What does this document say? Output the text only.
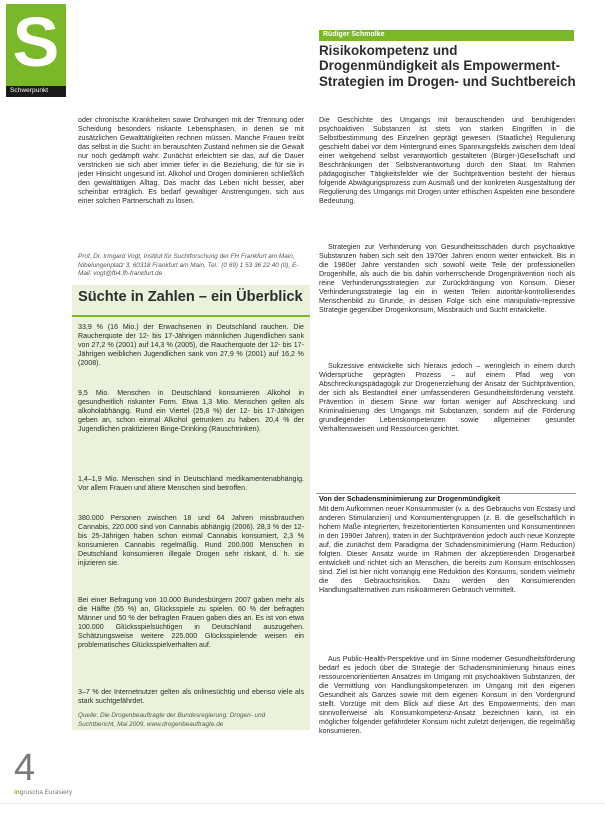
S
Schwerpunkt
Rüdiger Schmolke
Risikokompetenz und Drogenmündigkeit als Empowerment-Strategien im Drogen- und Suchtbereich

oder chronische Krankheiten sowie Drohungen mit der Trennung oder Scheidung besonders riskante Lebensphasen, in denen sie mit zusätzlichen Gewalttätigkeiten rechnen müssen. Manche Frauen treibt das selbst in die Sucht: im berauschten Zustand nehmen sie die Gewalt nur noch gedämpft wahr. Zunächst erleichtert sie das, auf die Dauer verstricken sie sich aber immer tiefer in die Beziehung, die für sie in jeder Hinsicht ungesund ist. Alkohol und Drogen dominieren schließlich den gewalttätigen Alltag. Das macht das Leben nicht besser, aber scheinbar erträglich. Es bedarf gewaltiger Anstrengungen, sich aus einer solchen Partnerschaft zu lösen.

Prof. Dr. Irmgard Vogt, Institut für Suchtforschung der FH Frankfurt am Main, Nibelungenplatz 3, 60318 Frankfurt am Main, Tel.: (0 69) 1 53 36 22 40 (0), E-Mail: vogt@fb4.fh-frankfurt.de

Süchte in Zahlen – ein Überblick

33,9 % (16 Mio.) der Erwachsenen in Deutschland rauchen. Die Raucherquote der 12- bis 17-Jährigen männlichen Jugendlichen sank von 27,2 % (2001) auf 14,3 % (2005), die Raucherquote der 12- bis 17-Jährigen weiblichen Jugendlichen sank von 27,9 % (2001) auf 16,2 % (2008).

9,5 Mio. Menschen in Deutschland konsumieren Alkohol in gesundheitlich riskanter Form. Etwa 1,3 Mio. Menschen gelten als alkoholabhängig. Rund ein Viertel (25,8 %) der 12- bis 17-Jährigen geben an, schon einmal Alkohol getrunken zu haben. 20,4 % der Jugendlichen praktizieren Binge-Drinking (Rauschtrinken).

1,4–1,9 Mio. Menschen sind in Deutschland medikamentenabhängig. Vor allem Frauen und ältere Menschen sind betroffen.

380.000 Personen zwischen 18 und 64 Jahren missbrauchen Cannabis, 220.000 sind von Cannabis abhängig (2006). 28,3 % der 12- bis 25-Jährigen haben schon einmal Cannabis konsumiert, 2,3 % konsumieren Cannabis regelmäßig. Rund 200.000 Menschen in Deutschland konsumieren illegale Drogen sehr riskant, d. h. sie injizieren sie.

Bei einer Befragung von 10.000 Bundesbürgern 2007 gaben mehr als die Hälfte (55 %) an, Glücksspiele zu spielen. 60 % der befragten Männer und 50 % der befragten Frauen gaben dies an. Es ist von etwa 100.000 Glücksspielsüchtigen in Deutschland auszugehen. Schätzungsweise weitere 225.000 Glücksspielende weisen ein problematisches Glücksspielverhalten auf.

3–7 % der Internetnutzer gelten als onlinesüchtig und ebenso viele als stark suchtgefährdet.

Quelle: Die Drogenbeauftragte der Bundesregierung: Drogen- und Suchtbericht, Mai 2009, www.drogenbeauftragte.de

Die Geschichte des Umgangs mit berauschenden und beruhigenden psychoaktiven Substanzen ist stets von starken Eingriffen in die Selbstbestimmung des Einzelnen geprägt gewesen. (Staatliche) Regulierung geschieht dabei vor dem Hintergrund eines Spannungsfelds zwischen dem Ideal einer weitgehend selbst verantwortlich gestalteten (Bürger-)Gesellschaft und Beschränkungen der Selbstverantwortung durch den Staat. Im Rahmen pädagogischer Tätigkeitsfelder wie der Suchtprävention besteht der hieraus folgende Abwägungsprozess zum Ausmaß und der konkreten Ausgestaltung der Regulierung des Umgangs mit Drogen unter ethischen Aspekten eine besondere Bedeutung.

Strategien zur Verhinderung von Gesundheitsschäden durch psychoaktive Substanzen haben sich seit den 1970er Jahren enorm weiter entwickelt. Bis in die 1980er Jahre verstanden sich sowohl weite Teile der professionellen Drogenhilfe, als auch die bis dahin vorherrschende Drogenprävention noch als reine Verhinderungsstrategien zur Zurückdrängung von Konsum. Dieser Verhinderungsstrategie lag ein in weiten Teilen autoritär-kontrollierendes Menschenbild zu Grunde, in dessen Folge sich eine manipulativ-repressive Strategie gegenüber Drogenkonsum, Missbrauch und Sucht entwickelte.

Sukzessive entwickelte sich hieraus jedoch – wenngleich in einem durch Widersprüche geprägten Prozess – auf einem Pfad weg von Abschreckungspädagogik zur Drogenerziehung der Ansatz der Suchtprävention, der sich als Bestandteil einer umfassenderen Gesundheitsförderung versteht. Prävention in diesem Sinne war fortan weniger auf Abschreckung und Kriminalisierung des Umgangs mit Substanzen, sondern auf die Förderung grundlegender Lebenskompetenzen sowie allgemeiner gesunder Verhaltensweisen und Ressourcen gerichtet.

Von der Schadensminimierung zur Drogenmündigkeit

Mit dem Aufkommen neuer Konsummuster (v. a. des Gebrauchs von Ecstasy und anderen Stimulanzien) und Konsumentengruppen (z. B. die gesellschaftlich in hohem Maße integrierten, freizeitorientierten Konsumenten und Konsumentinnen in den 1990er Jahren), traten in der Suchtprävention jedoch auch neue Konzepte auf, die zunächst dem Paradigma der Schadensminimierung (Harm Reduction) folgten. Dieser Ansatz wurde im Rahmen der akzeptierenden Drogenarbeit entwickelt und richtet sich an Menschen, die bereits zum Konsum entschlossen sind. Ziel ist hier nicht vorrangig eine Reduktion des Konsums, sondern vielmehr die des Gebrauchsrisikos. Dazu werden den Konsumierenden Handlungsalternativen zum risikoärmeren Gebrauch vermittelt.

Aus Public-Health-Perspektive und im Sinne moderner Gesundheitsförderung bedarf es jedoch über die Strategie der Schadensminimierung hinaus eines ressourcenorientierten Ansatzes im Umgang mit psychoaktiven Substanzen, der die Vermittlung von Handlungskompetenzen im Umgang mit den eigenen Gesundheit als Ganzes sowie mit dem eigenen Konsum in den Vordergrund stellt. Vorzüge mit dem Blick auf diese Art des Empowerments, den man sinnvollerweise als Konsumkompetenz-Ansatz bezeichnen kann, ist ein möglicher folgender gefährdeter Konsum nicht zuletzt derjenigen, die regelmäßig konsumieren.

4
ingruscha Eurasiery
